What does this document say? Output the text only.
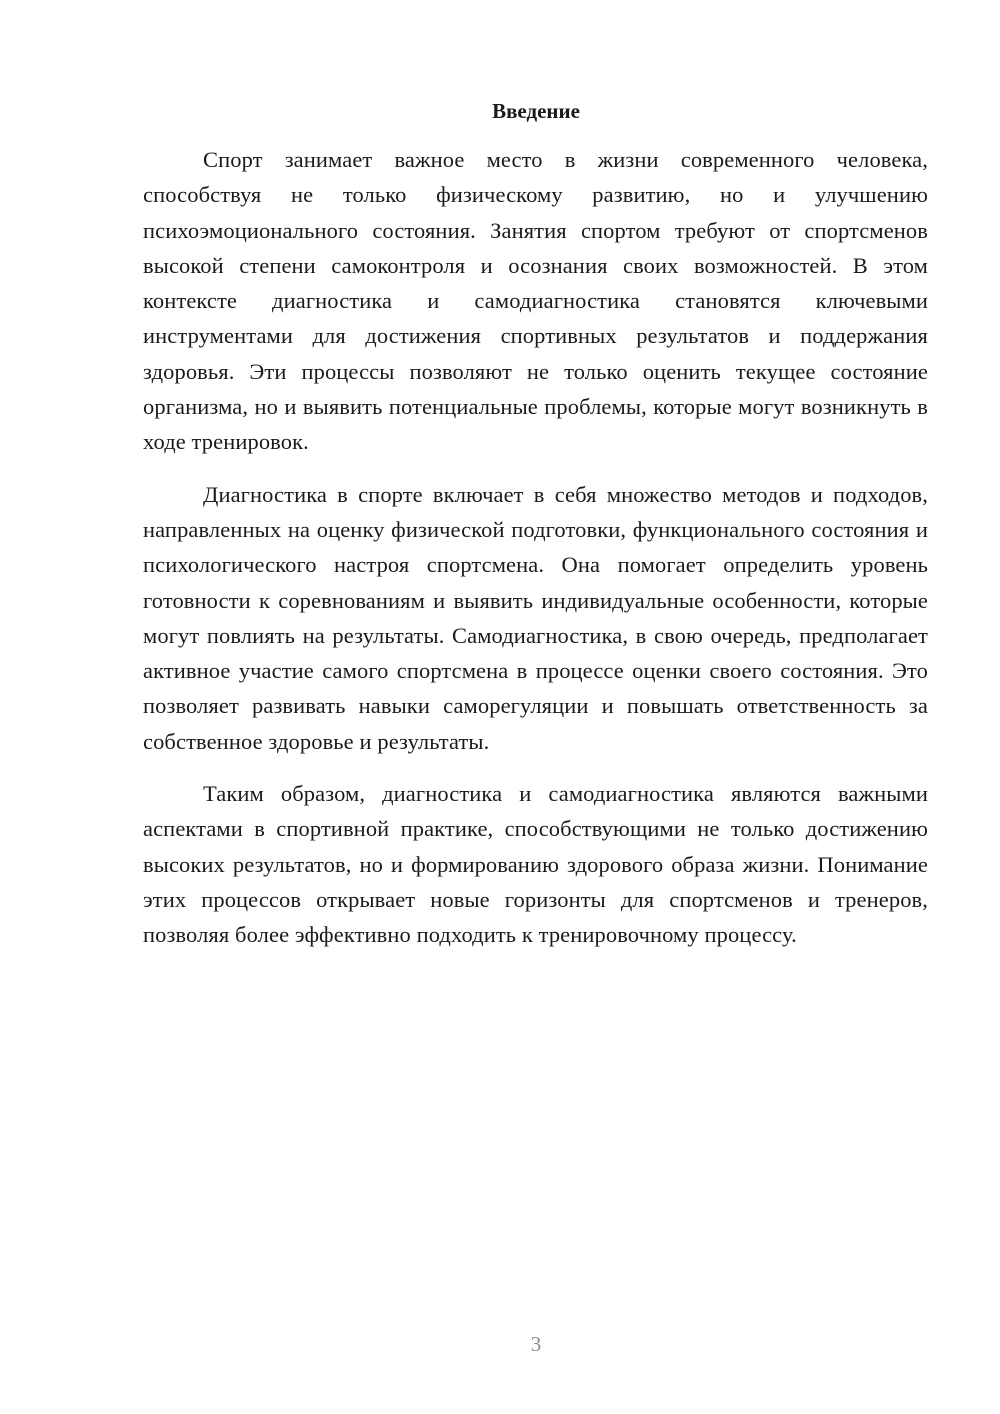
Введение

Спорт занимает важное место в жизни современного человека, способствуя не только физическому развитию, но и улучшению психоэмоционального состояния. Занятия спортом требуют от спортсменов высокой степени самоконтроля и осознания своих возможностей. В этом контексте диагностика и самодиагностика становятся ключевыми инструментами для достижения спортивных результатов и поддержания здоровья. Эти процессы позволяют не только оценить текущее состояние организма, но и выявить потенциальные проблемы, которые могут возникнуть в ходе тренировок.

Диагностика в спорте включает в себя множество методов и подходов, направленных на оценку физической подготовки, функционального состояния и психологического настроя спортсмена. Она помогает определить уровень готовности к соревнованиям и выявить индивидуальные особенности, которые могут повлиять на результаты. Самодиагностика, в свою очередь, предполагает активное участие самого спортсмена в процессе оценки своего состояния. Это позволяет развивать навыки саморегуляции и повышать ответственность за собственное здоровье и результаты.

Таким образом, диагностика и самодиагностика являются важными аспектами в спортивной практике, способствующими не только достижению высоких результатов, но и формированию здорового образа жизни. Понимание этих процессов открывает новые горизонты для спортсменов и тренеров, позволяя более эффективно подходить к тренировочному процессу.

3
